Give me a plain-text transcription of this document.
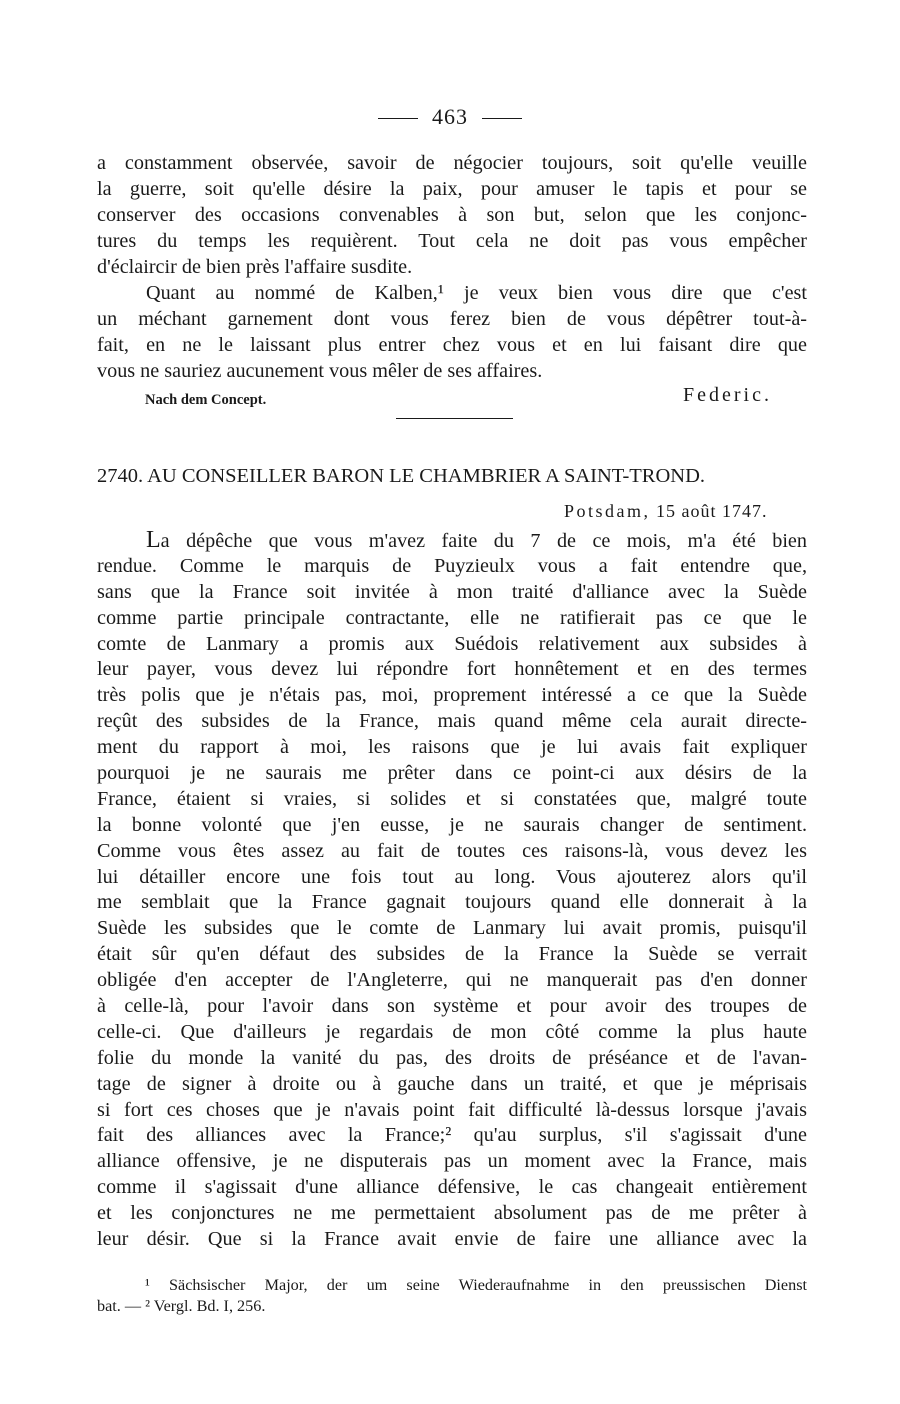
463
a constamment observée, savoir de négocier toujours, soit qu'elle veuille
la guerre, soit qu'elle désire la paix, pour amuser le tapis et pour se
conserver des occasions convenables à son but, selon que les conjonc-
tures du temps les requièrent. Tout cela ne doit pas vous empêcher
d'éclaircir de bien près l'affaire susdite.
Quant au nommé de Kalben,¹ je veux bien vous dire que c'est
un méchant garnement dont vous ferez bien de vous dépêtrer tout-à-
fait, en ne le laissant plus entrer chez vous et en lui faisant dire que
vous ne sauriez aucunement vous mêler de ses affaires.
Nach dem Concept.	Federic.
2740. AU CONSEILLER BARON LE CHAMBRIER A SAINT-TROND.
Potsdam, 15 août 1747.
La dépêche que vous m'avez faite du 7 de ce mois, m'a été bien
rendue. Comme le marquis de Puyzieulx vous a fait entendre que,
sans que la France soit invitée à mon traité d'alliance avec la Suède
comme partie principale contractante, elle ne ratifierait pas ce que le
comte de Lanmary a promis aux Suédois relativement aux subsides à
leur payer, vous devez lui répondre fort honnêtement et en des termes
très polis que je n'étais pas, moi, proprement intéressé a ce que la Suède
reçût des subsides de la France, mais quand même cela aurait directe-
ment du rapport à moi, les raisons que je lui avais fait expliquer
pourquoi je ne saurais me prêter dans ce point-ci aux désirs de la
France, étaient si vraies, si solides et si constatées que, malgré toute
la bonne volonté que j'en eusse, je ne saurais changer de sentiment.
Comme vous êtes assez au fait de toutes ces raisons-là, vous devez les
lui détailler encore une fois tout au long. Vous ajouterez alors qu'il
me semblait que la France gagnait toujours quand elle donnerait à la
Suède les subsides que le comte de Lanmary lui avait promis, puisqu'il
était sûr qu'en défaut des subsides de la France la Suède se verrait
obligée d'en accepter de l'Angleterre, qui ne manquerait pas d'en donner
à celle-là, pour l'avoir dans son système et pour avoir des troupes de
celle-ci. Que d'ailleurs je regardais de mon côté comme la plus haute
folie du monde la vanité du pas, des droits de préséance et de l'avan-
tage de signer à droite ou à gauche dans un traité, et que je méprisais
si fort ces choses que je n'avais point fait difficulté là-dessus lorsque j'avais
fait des alliances avec la France;² qu'au surplus, s'il s'agissait d'une
alliance offensive, je ne disputerais pas un moment avec la France, mais
comme il s'agissait d'une alliance défensive, le cas changeait entièrement
et les conjonctures ne me permettaient absolument pas de me prêter à
leur désir. Que si la France avait envie de faire une alliance avec la
¹ Sächsischer Major, der um seine Wiederaufnahme in den preussischen Dienst
bat. — ² Vergl. Bd. I, 256.
